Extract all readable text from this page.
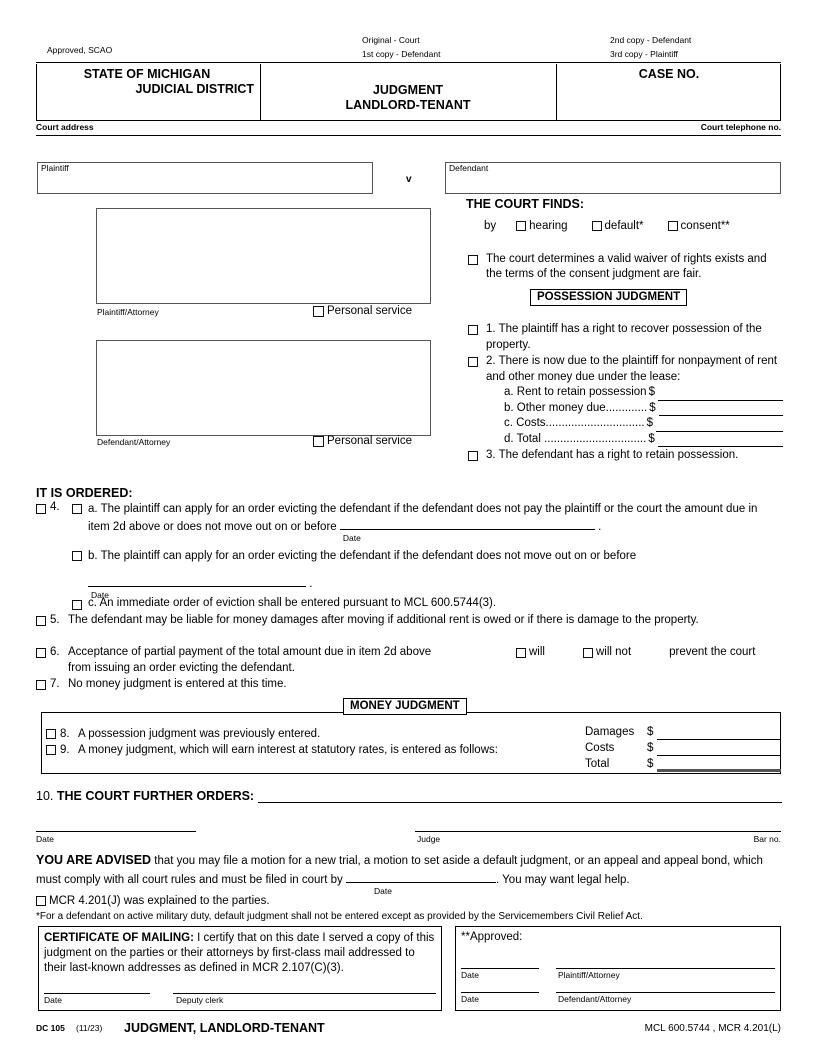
Approved, SCAO
Original - Court
1st copy - Defendant
2nd copy - Defendant
3rd copy - Plaintiff
STATE OF MICHIGAN
JUDICIAL DISTRICT	JUDGMENT
LANDLORD-TENANT
CASE NO.
Court address	Court telephone no.
Plaintiff
v
Defendant
Plaintiff/Attorney	Personal service
Defendant/Attorney	Personal service
THE COURT FINDS:
by	hearing	default*	consent**
The court determines a valid waiver of rights exists and the terms of the consent judgment are fair.
POSSESSION JUDGMENT
1. The plaintiff has a right to recover possession of the property.
2. There is now due to the plaintiff for nonpayment of rent and other money due under the lease:
a. Rent to retain possession $
b. Other money due............. $
c. Costs............................... $
d. Total ................................ $
3. The defendant has a right to retain possession.
IT IS ORDERED:
4. a. The plaintiff can apply for an order evicting the defendant if the defendant does not pay the plaintiff or the court the amount due in item 2d above or does not move out on or before
Date
.
b. The plaintiff can apply for an order evicting the defendant if the defendant does not move out on or before
Date
.
c. An immediate order of eviction shall be entered pursuant to MCL 600.5744(3).
5. The defendant may be liable for money damages after moving if additional rent is owed or if there is damage to the property.
6. Acceptance of partial payment of the total amount due in item 2d above	will	will not	prevent the court
from issuing an order evicting the defendant.
7. No money judgment is entered at this time.
MONEY JUDGMENT
8. A possession judgment was previously entered.
9. A money judgment, which will earn interest at statutory rates, is entered as follows:
Damages	$
Costs	$
Total	$
10.
THE COURT FURTHER ORDERS:
Date	Judge	Bar no.
YOU ARE ADVISED that you may file a motion for a new trial, a motion to set aside a default judgment, or an appeal and appeal bond, which must comply with all court rules and must be filed in court by
Date
. You may want legal help.
MCR 4.201(J) was explained to the parties.
*For a defendant on active military duty, default judgment shall not be entered except as provided by the Servicemembers Civil Relief Act.
CERTIFICATE OF MAILING: I certify that on this date I served a copy of this judgment on the parties or their attorneys by first-class mail addressed to their last-known addresses as defined in MCR 2.107(C)(3).
Date	Deputy clerk
**Approved:
Date	Plaintiff/Attorney
Date	Defendant/Attorney
DC 105 (11/23) JUDGMENT, LANDLORD-TENANT	MCL 600.5744 , MCR 4.201(L)
